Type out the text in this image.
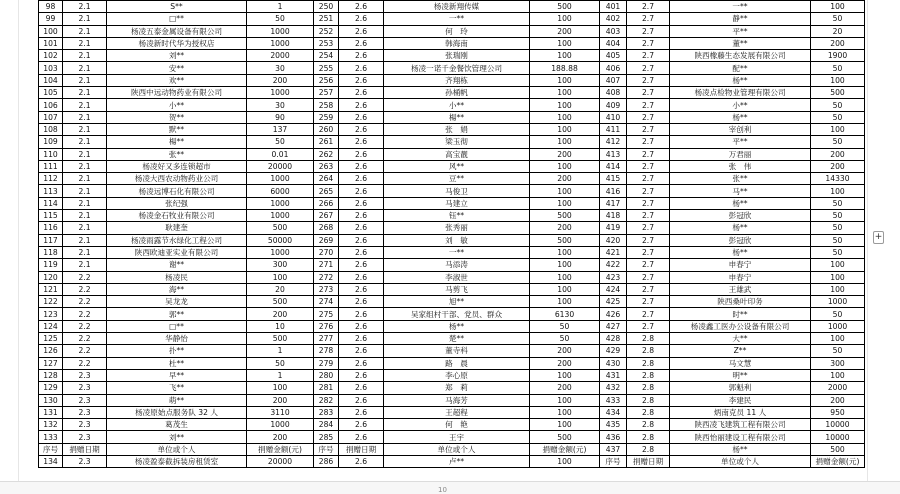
98	2.1	S**	1	250	2.6	杨凌新翔传媒	500	401	2.7	一**	100
99	2.1	□**	50	251	2.6	一**	100	402	2.7	静**	50
100	2.1	杨凌五泰金属设备有限公司	1000	252	2.6	何　玲	200	403	2.7	平**	20
101	2.1	杨凌新时代华为授权店	1000	253	2.6	韩海南	100	404	2.7	董**	200
102	2.1	刘**	2000	254	2.6	张瑞刚	100	405	2.7	陕西橡藤生态发展有限公司	1900
103	2.1	安**	30	255	2.6	杨凌一诺千金餐饮管理公司	188.88	406	2.7	配**	50
104	2.1	欢**	200	256	2.6	齐翔栋	100	407	2.7	杨**	100
105	2.1	陕西中远动物药业有限公司	1000	257	2.6	孙桶帆	100	408	2.7	杨凌点检物业管理有限公司	500
106	2.1	小**	30	258	2.6	小**	100	409	2.7	小**	50
107	2.1	贺**	90	259	2.6	楊**	100	410	2.7	杨**	50
108	2.1	默**	137	260	2.6	张　娟	100	411	2.7	宰创利	100
109	2.1	楊**	50	261	2.6	梁玉彻	100	412	2.7	平**	50
110	2.1	张**	0.01	262	2.6	高宝靓	200	413	2.7	万君丽	200
111	2.1	杨凌好又多连锁超市	20000	263	2.6	风**	100	414	2.7	张　伟	200
112	2.1	杨凌大西农动物药业公司	1000	264	2.6	豆**	200	415	2.7	张**	14330
113	2.1	杨凌远博石化有限公司	6000	265	2.6	马俊卫	100	416	2.7	马**	100
114	2.1	张纪强	1000	266	2.6	马建立	100	417	2.7	杨**	50
115	2.1	杨凌金石牧业有限公司	1000	267	2.6	钰**	500	418	2.7	彭冠欣	50
116	2.1	耿建奎	500	268	2.6	张秀丽	200	419	2.7	杨**	50
117	2.1	杨凌雨露节水绿化工程公司	50000	269	2.6	刘　敏	500	420	2.7	彭冠欣	50
118	2.1	陕西欧迪亚实业有限公司	1000	270	2.6	一**	100	421	2.7	杨**	50
119	2.1	谢**	300	271	2.6	马添涛	100	422	2.7	申春宁	100
120	2.2	杨凌民	100	272	2.6	李淑世	100	423	2.7	申春宁	100
121	2.2	海**	20	273	2.6	马剪飞	100	424	2.7	王雄武	100
122	2.2	吴龙龙	500	274	2.6	旭**	100	425	2.7	陕西桑叶印务	1000
123	2.2	郭**	200	275	2.6	吴家组村干部、党员、群众	6130	426	2.7	时**	50
124	2.2	□**	10	276	2.6	杨**	50	427	2.7	杨凌鑫工医办公设备有限公司	1000
125	2.2	华静怡	500	277	2.6	楚**	50	428	2.8	大**	100
126	2.2	扑**	1	278	2.6	董寺科	200	429	2.8	Z**	50
127	2.2	杜**	50	279	2.6	路　晨	200	430	2.8	马文慧	300
128	2.3	早**	1	280	2.6	李心原	100	431	2.8	明**	100
129	2.3	飞**	100	281	2.6	郑　莉	200	432	2.8	郭魁利	2000
130	2.3	萌**	200	282	2.6	马海芳	100	433	2.8	李建民	200
131	2.3	杨凌原始点服务队 32 人	3110	283	2.6	王超程	100	434	2.8	炳南克员 11 人	950
132	2.3	葛茂生	1000	284	2.6	何　艳	100	435	2.8	陕西凌飞建筑工程有限公司	10000
133	2.3	刘**	200	285	2.6	王宇	500	436	2.8	陕西怡丽建设工程有限公司	10000
序号	捐赠日期	单位或个人	捐赠金额(元)	序号	捐赠日期	单位或个人	捐赠金额(元)	437	2.8	杨**	500
134	2.3	杨凌盈泰截拆装房租赁室	20000	286	2.6	卢**	100	序号	捐赠日期	单位或个人	捐赠金额(元)
10
+
